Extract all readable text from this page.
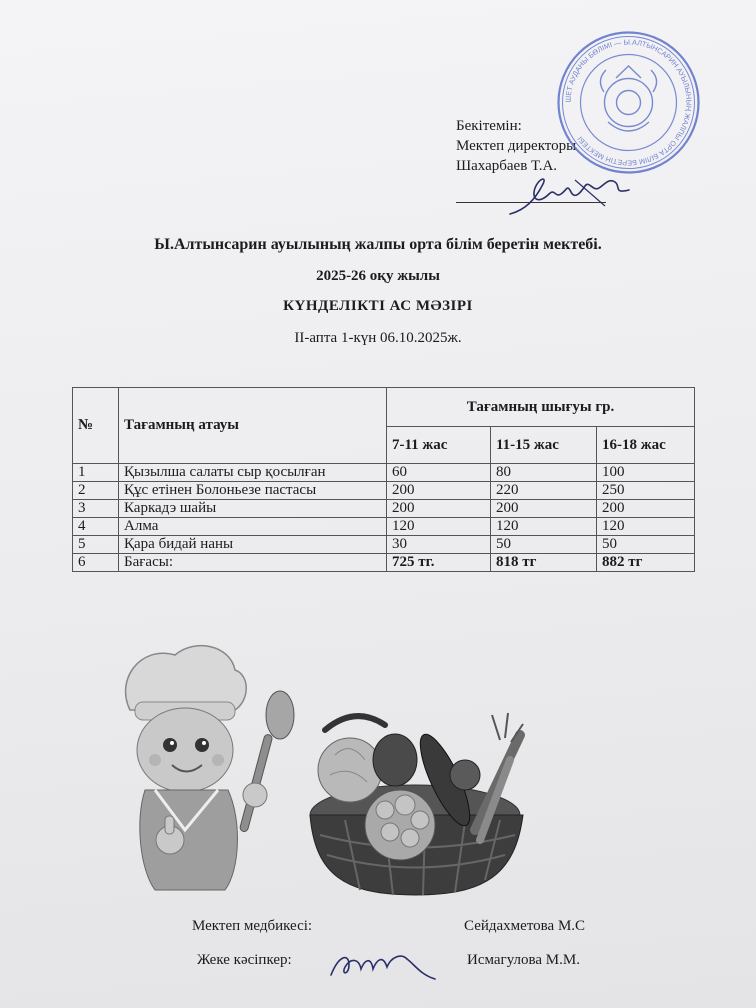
Бекітемін:
Мектеп директоры
Шахарбаев Т.А.
ШЕТ АУДАНЫ БӨЛІМІ — Ы.АЛТЫНСАРИН АУЫЛЫНЫҢ ЖАЛПЫ ОРТА БІЛІМ БЕРЕТІН МЕКТЕБІ
Ы.Алтынсарин ауылының жалпы орта білім беретін мектебі.
2025-26 оқу жылы
КҮНДЕЛІКТІ АС МӘЗІРІ
II-апта 1-күн 06.10.2025ж.
№	Тағамның атауы	Тағамның шығуы гр.		
		7-11 жас	11-15 жас	16-18 жас
1	Қызылша салаты сыр қосылған	60	80	100
2	Құс етінен Болоньезе пастасы	200	220	250
3	Каркадэ шайы	200	200	200
4	Алма	120	120	120
5	Қара бидай наны	30	50	50
6	Бағасы:	725 тг.	818 тг	882 тг
Мектеп медбикесі:	Сейдахметова М.С
Жеке кәсіпкер:	Исмагулова М.М.
